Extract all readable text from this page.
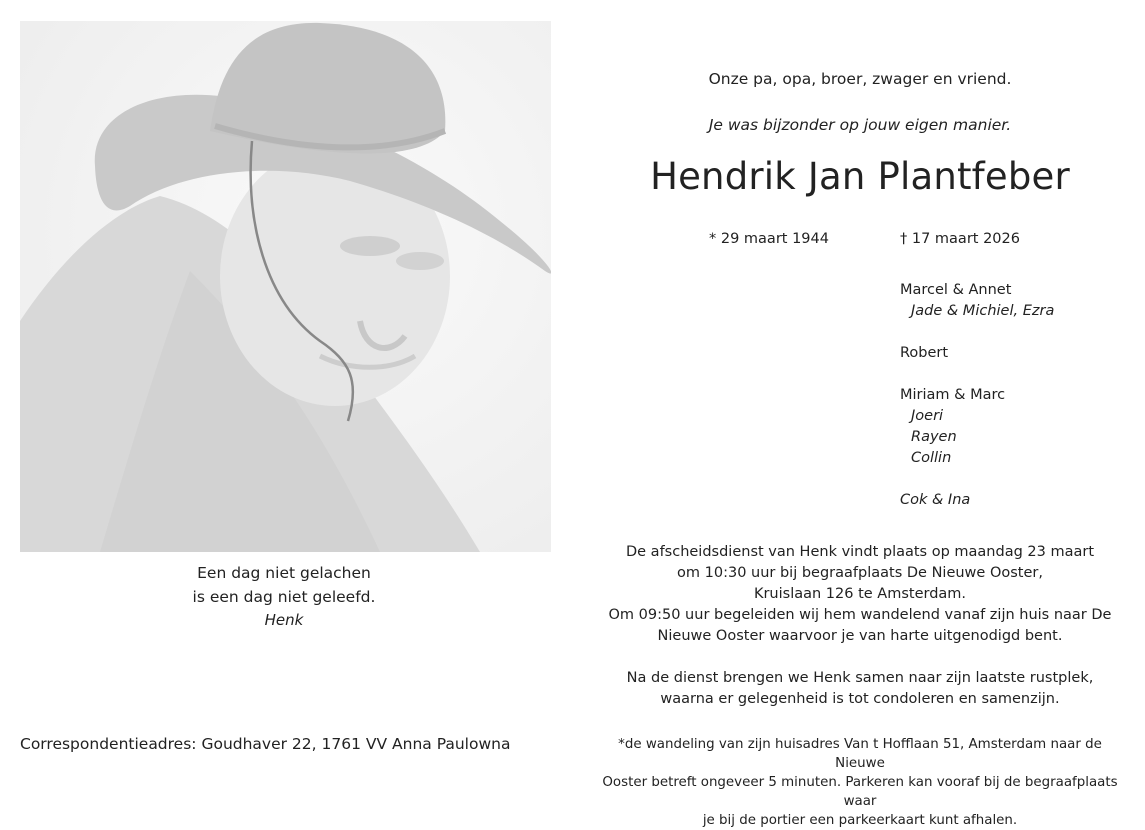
Een dag niet gelachen
is een dag niet geleefd.
Henk
Correspondentieadres: Goudhaver 22, 1761 VV Anna Paulowna
Onze pa, opa, broer, zwager en vriend.
Je was bijzonder op jouw eigen manier.
Hendrik Jan Plantfeber
* 29 maart 1944	† 17 maart 2026
Marcel & Annet
Jade & Michiel, Ezra
Robert
Miriam & Marc
Joeri
Rayen
Collin
Cok & Ina

De afscheidsdienst van Henk vindt plaats op maandag 23 maart
om 10:30 uur bij begraafplaats De Nieuwe Ooster,
Kruislaan 126 te Amsterdam.
Om 09:50 uur begeleiden wij hem wandelend vanaf zijn huis naar De
Nieuwe Ooster waarvoor je van harte uitgenodigd bent.

Na de dienst brengen we Henk samen naar zijn laatste rustplek,
waarna er gelegenheid is tot condoleren en samenzijn.

*de wandeling van zijn huisadres Van t Hofflaan 51, Amsterdam naar de Nieuwe
Ooster betreft ongeveer 5 minuten. Parkeren kan vooraf bij de begraafplaats waar
je bij de portier een parkeerkaart kunt afhalen.
